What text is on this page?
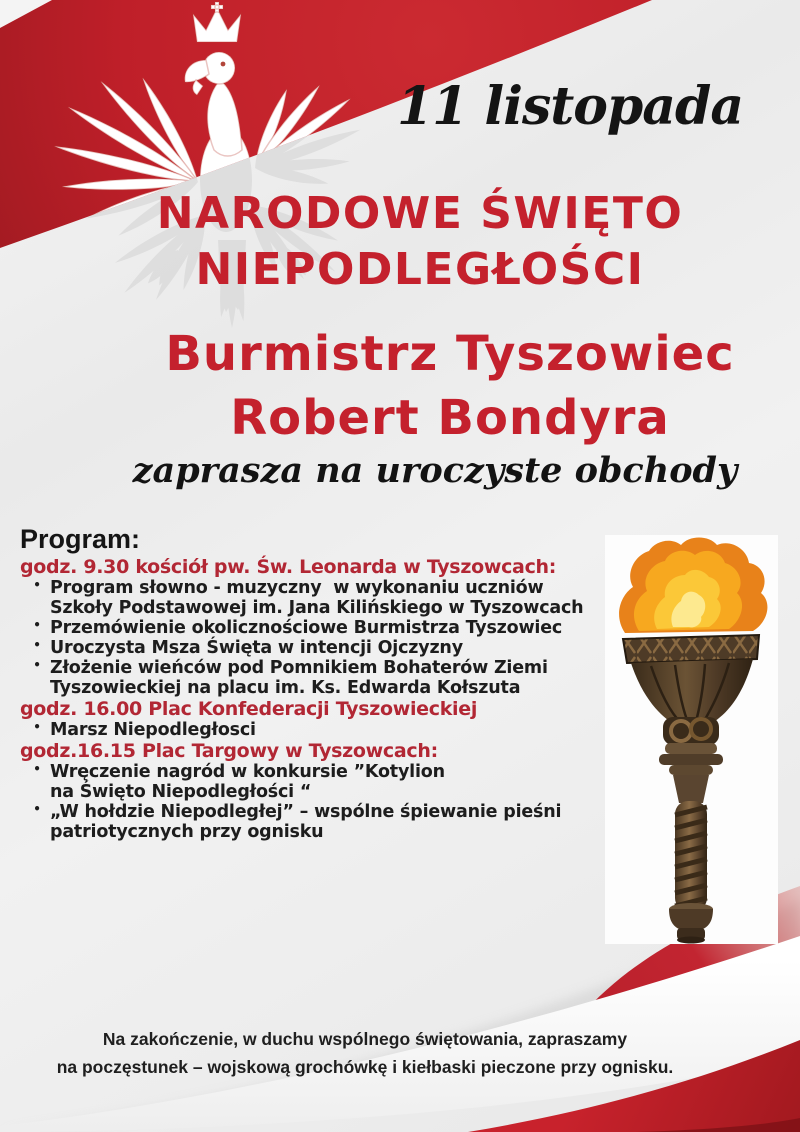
11 listopada
NARODOWE ŚWIĘTO
NIEPODLEGŁOŚCI
Burmistrz Tyszowiec
Robert Bondyra
zaprasza na uroczyste obchody
Program:
godz. 9.30 kościół pw. Św. Leonarda w Tyszowcach:
• Program słowno - muzyczny  w wykonaniu uczniów
Szkoły Podstawowej im. Jana Kilińskiego w Tyszowcach
• Przemówienie okolicznościowe Burmistrza Tyszowiec
• Uroczysta Msza Święta w intencji Ojczyzny
• Złożenie wieńców pod Pomnikiem Bohaterów Ziemi
Tyszowieckiej na placu im. Ks. Edwarda Kołszuta
godz. 16.00 Plac Konfederacji Tyszowieckiej
• Marsz Niepodległosci
godz.16.15 Plac Targowy w Tyszowcach:
• Wręczenie nagród w konkursie ”Kotylion
na Święto Niepodległości “
• „W hołdzie Niepodległej” – wspólne śpiewanie pieśni
patriotycznych przy ognisku
Na zakończenie, w duchu wspólnego świętowania, zapraszamy
na poczęstunek – wojskową grochówkę i kiełbaski pieczone przy ognisku.
